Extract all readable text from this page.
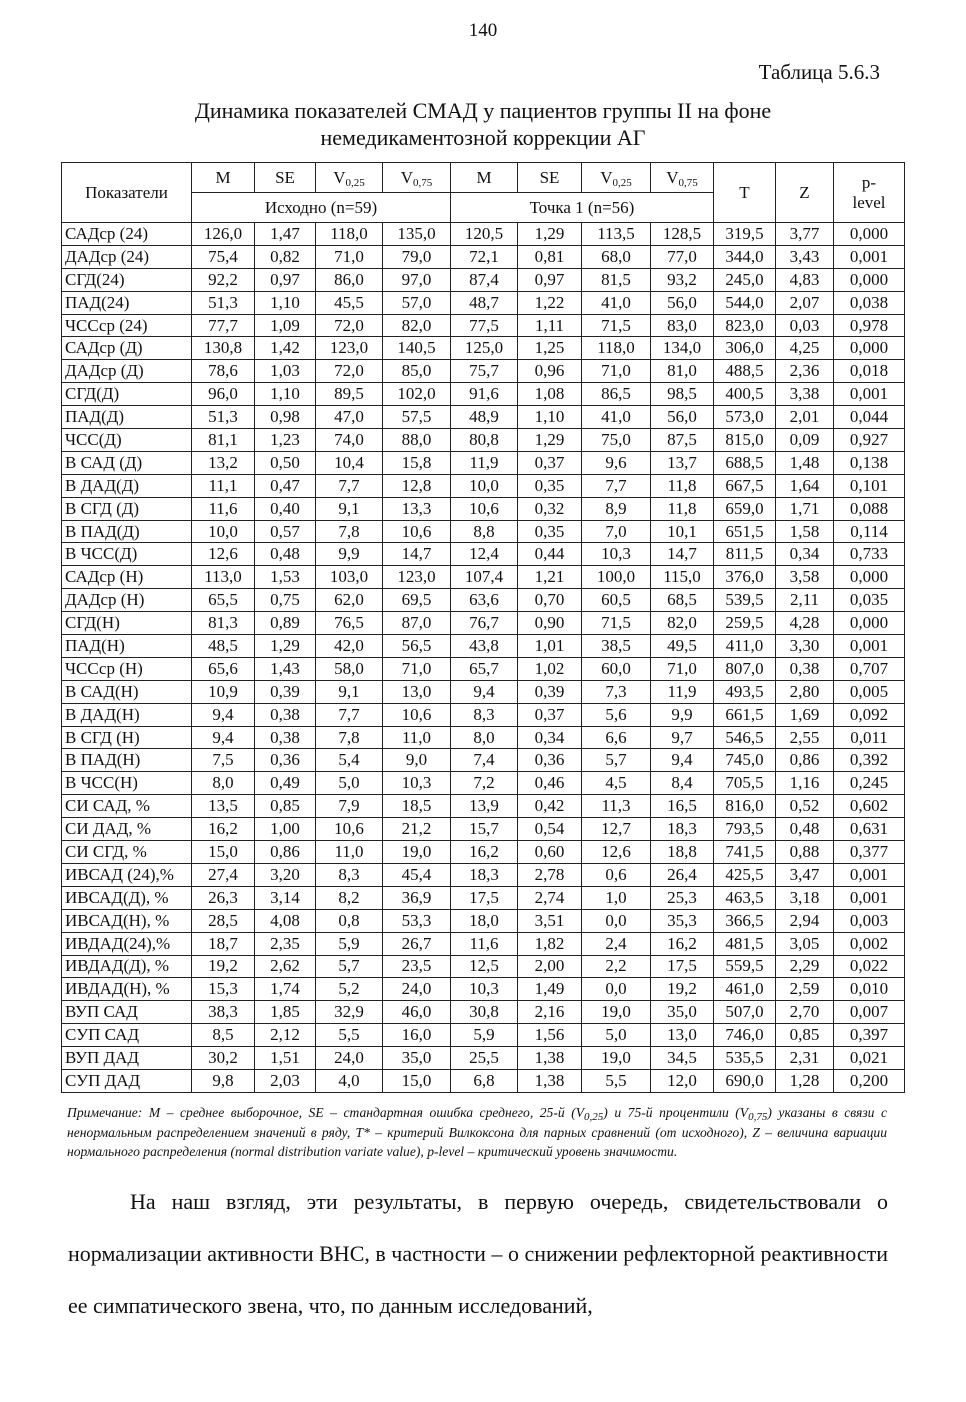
140
Таблица 5.6.3
Динамика показателей СМАД у пациентов группы II на фоне
немедикаментозной коррекции АГ
Показатели	M	SE	$V_{0,25}$	$V_{0,75}$	M	SE	$V_{0,25}$	$V_{0,75}$	T	Z	p-
level

	Исходно (n=59)				Точка 1 (n=56)						
САДср (24)	126,0	1,47	118,0	135,0	120,5	1,29	113,5	128,5	319,5	3,77	0,000
ДАДср (24)	75,4	0,82	71,0	79,0	72,1	0,81	68,0	77,0	344,0	3,43	0,001
СГД(24)	92,2	0,97	86,0	97,0	87,4	0,97	81,5	93,2	245,0	4,83	0,000
ПАД(24)	51,3	1,10	45,5	57,0	48,7	1,22	41,0	56,0	544,0	2,07	0,038
ЧССср (24)	77,7	1,09	72,0	82,0	77,5	1,11	71,5	83,0	823,0	0,03	0,978
САДср (Д)	130,8	1,42	123,0	140,5	125,0	1,25	118,0	134,0	306,0	4,25	0,000
ДАДср (Д)	78,6	1,03	72,0	85,0	75,7	0,96	71,0	81,0	488,5	2,36	0,018
СГД(Д)	96,0	1,10	89,5	102,0	91,6	1,08	86,5	98,5	400,5	3,38	0,001
ПАД(Д)	51,3	0,98	47,0	57,5	48,9	1,10	41,0	56,0	573,0	2,01	0,044
ЧСС(Д)	81,1	1,23	74,0	88,0	80,8	1,29	75,0	87,5	815,0	0,09	0,927
В САД (Д)	13,2	0,50	10,4	15,8	11,9	0,37	9,6	13,7	688,5	1,48	0,138
В ДАД(Д)	11,1	0,47	7,7	12,8	10,0	0,35	7,7	11,8	667,5	1,64	0,101
В СГД (Д)	11,6	0,40	9,1	13,3	10,6	0,32	8,9	11,8	659,0	1,71	0,088
В ПАД(Д)	10,0	0,57	7,8	10,6	8,8	0,35	7,0	10,1	651,5	1,58	0,114
В ЧСС(Д)	12,6	0,48	9,9	14,7	12,4	0,44	10,3	14,7	811,5	0,34	0,733
САДср (Н)	113,0	1,53	103,0	123,0	107,4	1,21	100,0	115,0	376,0	3,58	0,000
ДАДср (Н)	65,5	0,75	62,0	69,5	63,6	0,70	60,5	68,5	539,5	2,11	0,035
СГД(Н)	81,3	0,89	76,5	87,0	76,7	0,90	71,5	82,0	259,5	4,28	0,000
ПАД(Н)	48,5	1,29	42,0	56,5	43,8	1,01	38,5	49,5	411,0	3,30	0,001
ЧССср (Н)	65,6	1,43	58,0	71,0	65,7	1,02	60,0	71,0	807,0	0,38	0,707
В САД(Н)	10,9	0,39	9,1	13,0	9,4	0,39	7,3	11,9	493,5	2,80	0,005
В ДАД(Н)	9,4	0,38	7,7	10,6	8,3	0,37	5,6	9,9	661,5	1,69	0,092
В СГД (Н)	9,4	0,38	7,8	11,0	8,0	0,34	6,6	9,7	546,5	2,55	0,011
В ПАД(Н)	7,5	0,36	5,4	9,0	7,4	0,36	5,7	9,4	745,0	0,86	0,392
В ЧСС(Н)	8,0	0,49	5,0	10,3	7,2	0,46	4,5	8,4	705,5	1,16	0,245
СИ САД, %	13,5	0,85	7,9	18,5	13,9	0,42	11,3	16,5	816,0	0,52	0,602
СИ ДАД, %	16,2	1,00	10,6	21,2	15,7	0,54	12,7	18,3	793,5	0,48	0,631
СИ СГД, %	15,0	0,86	11,0	19,0	16,2	0,60	12,6	18,8	741,5	0,88	0,377
ИВСАД (24),%	27,4	3,20	8,3	45,4	18,3	2,78	0,6	26,4	425,5	3,47	0,001
ИВСАД(Д), %	26,3	3,14	8,2	36,9	17,5	2,74	1,0	25,3	463,5	3,18	0,001
ИВСАД(Н), %	28,5	4,08	0,8	53,3	18,0	3,51	0,0	35,3	366,5	2,94	0,003
ИВДАД(24),%	18,7	2,35	5,9	26,7	11,6	1,82	2,4	16,2	481,5	3,05	0,002
ИВДАД(Д), %	19,2	2,62	5,7	23,5	12,5	2,00	2,2	17,5	559,5	2,29	0,022
ИВДАД(Н), %	15,3	1,74	5,2	24,0	10,3	1,49	0,0	19,2	461,0	2,59	0,010
ВУП САД	38,3	1,85	32,9	46,0	30,8	2,16	19,0	35,0	507,0	2,70	0,007
СУП САД	8,5	2,12	5,5	16,0	5,9	1,56	5,0	13,0	746,0	0,85	0,397
ВУП ДАД	30,2	1,51	24,0	35,0	25,5	1,38	19,0	34,5	535,5	2,31	0,021
СУП ДАД	9,8	2,03	4,0	15,0	6,8	1,38	5,5	12,0	690,0	1,28	0,200
Примечание: М – среднее выборочное, SE – стандартная ошибка среднего, 25-й $(V_{0,25})$ и 75-й процентили $(V_{0,75})$ указаны в связи с ненормальным распределением значений в ряду, T* – критерий Вилкоксона для парных сравнений (от исходного), Z – величина вариации нормального распределения (normal distribution variate value), p-level – критический уровень значимости.
На наш взгляд, эти результаты, в первую очередь, свидетельствовали о нормализации активности ВНС, в частности – о снижении рефлекторной реактивности ее симпатического звена, что, по данным исследований,
